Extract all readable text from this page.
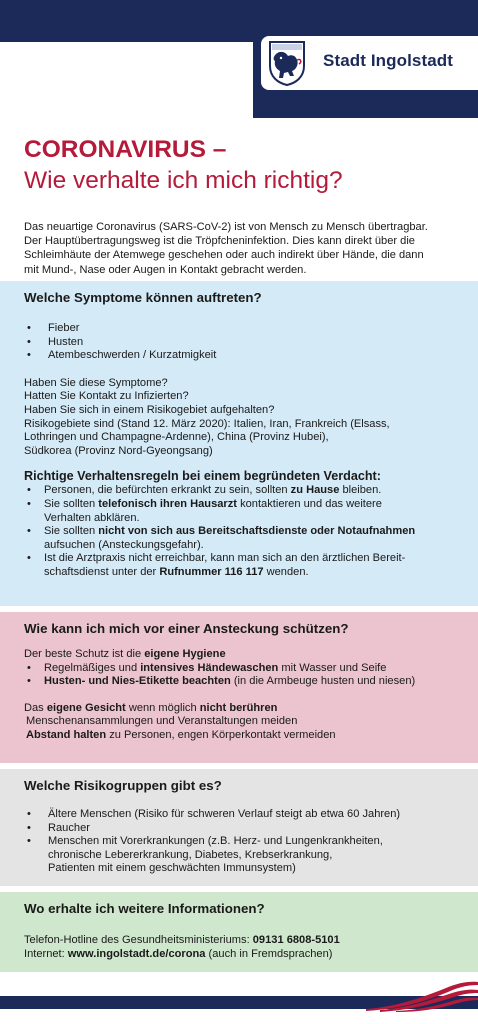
Stadt Ingolstadt
CORONAVIRUS –
Wie verhalte ich mich richtig?

Das neuartige Coronavirus (SARS-CoV-2) ist von Mensch zu Mensch übertragbar.
Der Hauptübertragungsweg ist die Tröpfcheninfektion. Dies kann direkt über die
Schleimhäute der Atemwege geschehen oder auch indirekt über Hände, die dann
mit Mund-, Nase oder Augen in Kontakt gebracht werden.

Welche Symptome können auftreten?
• Fieber
• Husten
• Atembeschwerden / Kurzatmigkeit

Haben Sie diese Symptome?
Hatten Sie Kontakt zu Infizierten?
Haben Sie sich in einem Risikogebiet aufgehalten?
Risikogebiete sind (Stand 12. März 2020): Italien, Iran, Frankreich (Elsass,
Lothringen und Champagne-Ardenne), China (Provinz Hubei),
Südkorea (Provinz Nord-Gyeongsang)

Richtige Verhaltensregeln bei einem begründeten Verdacht:
• Personen, die befürchten erkrankt zu sein, sollten zu Hause bleiben.
• Sie sollten telefonisch ihren Hausarzt kontaktieren und das weitere
Verhalten abklären.
• Sie sollten nicht von sich aus Bereitschaftsdienste oder Notaufnahmen
aufsuchen (Ansteckungsgefahr).
• Ist die Arztpraxis nicht erreichbar, kann man sich an den ärztlichen Bereit-
schaftsdienst unter der Rufnummer 116 117 wenden.
Wie kann ich mich vor einer Ansteckung schützen?

Der beste Schutz ist die eigene Hygiene

• Regelmäßiges und intensives Händewaschen mit Wasser und Seife
• Husten- und Nies-Etikette beachten (in die Armbeuge husten und niesen)

Das eigene Gesicht wenn möglich nicht berühren
Menschenansammlungen und Veranstaltungen meiden
Abstand halten zu Personen, engen Körperkontakt vermeiden

Welche Risikogruppen gibt es?
• Ältere Menschen (Risiko für schweren Verlauf steigt ab etwa 60 Jahren)
• Raucher
• Menschen mit Vorerkrankungen (z.B. Herz- und Lungenkrankheiten,
chronische Lebererkrankung, Diabetes, Krebserkrankung,
Patienten mit einem geschwächten Immunsystem)
Wo erhalte ich weitere Informationen?

Telefon-Hotline des Gesundheitsministeriums: 09131 6808-5101

Internet: www.ingolstadt.de/corona (auch in Fremdsprachen)
